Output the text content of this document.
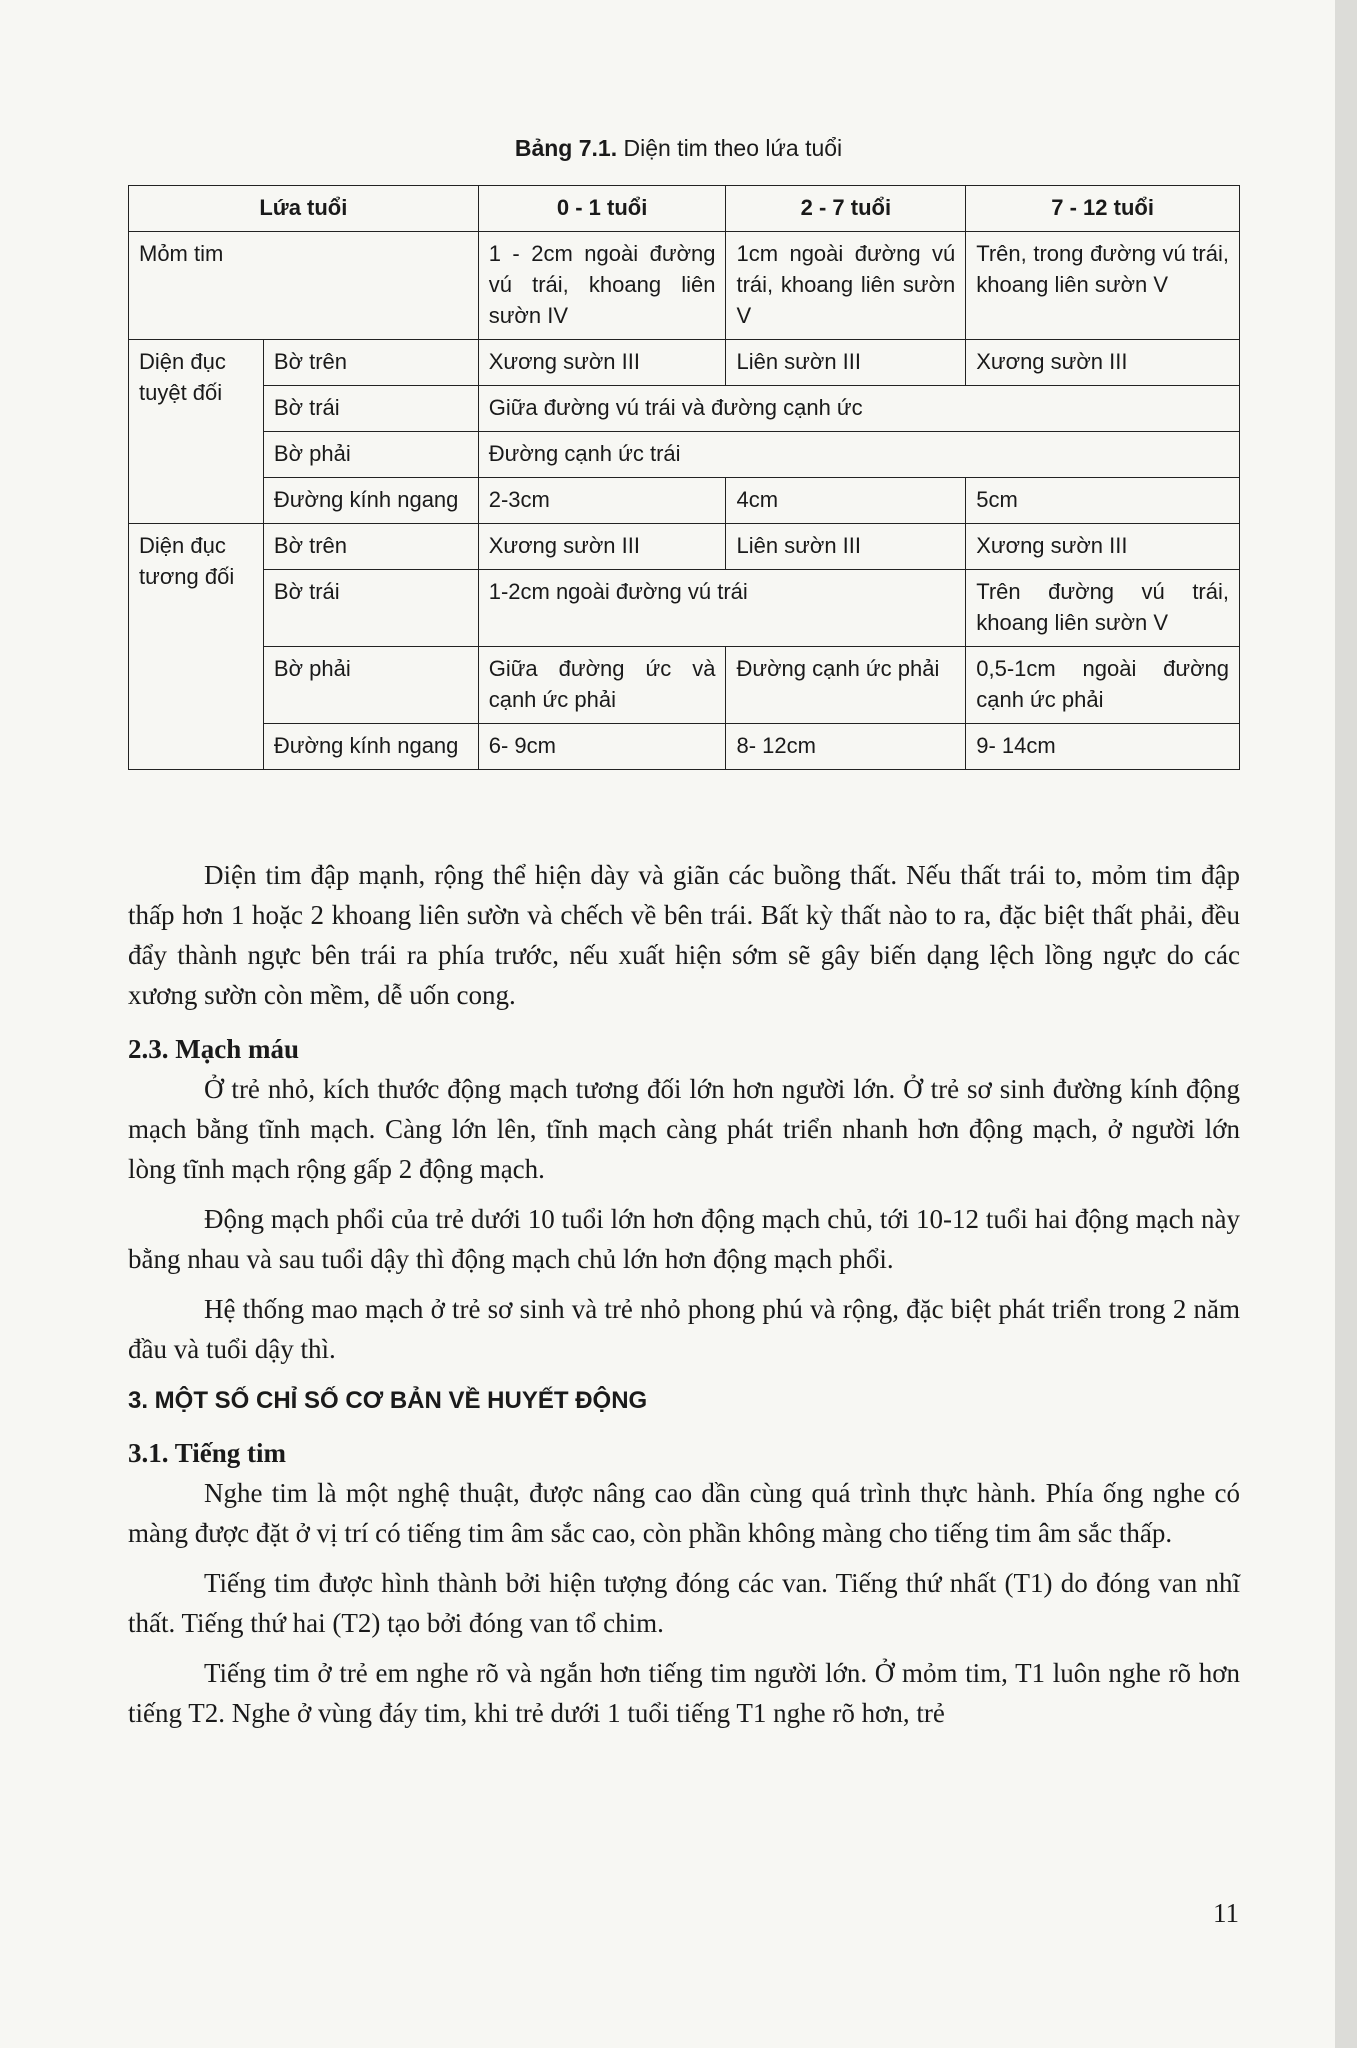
Bảng 7.1. Diện tim theo lứa tuổi
Lứa tuổi		0 - 1 tuổi	2 - 7 tuổi	7 - 12 tuổi
Mỏm tim		1 - 2cm ngoài đường vú trái, khoang liên sườn IV	1cm ngoài đường vú trái, khoang liên sườn V	Trên, trong đường vú trái, khoang liên sườn V
Diện đục tuyệt đối	Bờ trên	Xương sườn III	Liên sườn III	Xương sườn III
	Bờ trái	Giữa đường vú trái và đường cạnh ức		
	Bờ phải	Đường cạnh ức trái		
	Đường kính ngang	2-3cm	4cm	5cm
Diện đục tương đối	Bờ trên	Xương sườn III	Liên sườn III	Xương sườn III
	Bờ trái	1-2cm ngoài đường vú trái		Trên đường vú trái, khoang liên sườn V
	Bờ phải	Giữa đường ức và cạnh ức phải	Đường cạnh ức phải	0,5-1cm ngoài đường cạnh ức phải
	Đường kính ngang	6- 9cm	8- 12cm	9- 14cm

Diện tim đập mạnh, rộng thể hiện dày và giãn các buồng thất. Nếu thất trái to, mỏm tim đập thấp hơn 1 hoặc 2 khoang liên sườn và chếch về bên trái. Bất kỳ thất nào to ra, đặc biệt thất phải, đều đẩy thành ngực bên trái ra phía trước, nếu xuất hiện sớm sẽ gây biến dạng lệch lồng ngực do các xương sườn còn mềm, dễ uốn cong.

2.3. Mạch máu

Ở trẻ nhỏ, kích thước động mạch tương đối lớn hơn người lớn. Ở trẻ sơ sinh đường kính động mạch bằng tĩnh mạch. Càng lớn lên, tĩnh mạch càng phát triển nhanh hơn động mạch, ở người lớn lòng tĩnh mạch rộng gấp 2 động mạch.

Động mạch phổi của trẻ dưới 10 tuổi lớn hơn động mạch chủ, tới 10-12 tuổi hai động mạch này bằng nhau và sau tuổi dậy thì động mạch chủ lớn hơn động mạch phổi.

Hệ thống mao mạch ở trẻ sơ sinh và trẻ nhỏ phong phú và rộng, đặc biệt phát triển trong 2 năm đầu và tuổi dậy thì.

3. MỘT SỐ CHỈ SỐ CƠ BẢN VỀ HUYẾT ĐỘNG
3.1. Tiếng tim

Nghe tim là một nghệ thuật, được nâng cao dần cùng quá trình thực hành. Phía ống nghe có màng được đặt ở vị trí có tiếng tim âm sắc cao, còn phần không màng cho tiếng tim âm sắc thấp.

Tiếng tim được hình thành bởi hiện tượng đóng các van. Tiếng thứ nhất (T1) do đóng van nhĩ thất. Tiếng thứ hai (T2) tạo bởi đóng van tổ chim.

Tiếng tim ở trẻ em nghe rõ và ngắn hơn tiếng tim người lớn. Ở mỏm tim, T1 luôn nghe rõ hơn tiếng T2. Nghe ở vùng đáy tim, khi trẻ dưới 1 tuổi tiếng T1 nghe rõ hơn, trẻ

11
